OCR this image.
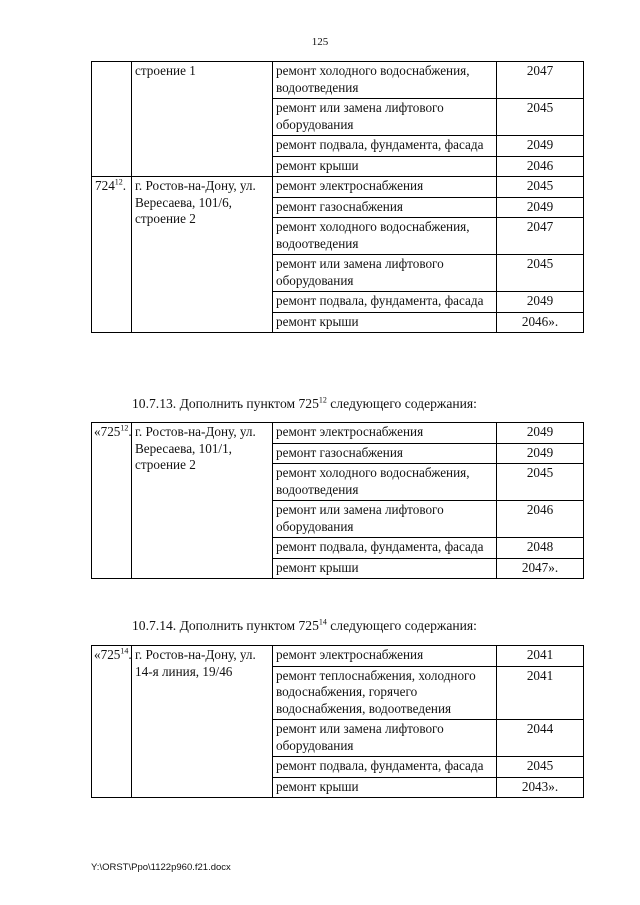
125
	строение 1	ремонт холодного водоснабжения, водоотведения	2047
		ремонт или замена лифтового оборудования	2045
		ремонт подвала, фундамента, фасада	2049
		ремонт крыши	2046
$724^{12}$.	г. Ростов-на-Дону, ул. Вересаева, 101/6, строение 2	ремонт электроснабжения	2045
		ремонт газоснабжения	2049
		ремонт холодного водоснабжения, водоотведения	2047
		ремонт или замена лифтового оборудования	2045
		ремонт подвала, фундамента, фасада	2049
		ремонт крыши	2046».
10.7.13. Дополнить пунктом $725^{12}$ следующего содержания:
«$725^{12}$.	г. Ростов-на-Дону, ул. Вересаева, 101/1, строение 2	ремонт электроснабжения	2049
		ремонт газоснабжения	2049
		ремонт холодного водоснабжения, водоотведения	2045
		ремонт или замена лифтового оборудования	2046
		ремонт подвала, фундамента, фасада	2048
		ремонт крыши	2047».
10.7.14. Дополнить пунктом $725^{14}$ следующего содержания:
«$725^{14}$.	г. Ростов-на-Дону, ул. 14-я линия, 19/46	ремонт электроснабжения	2041
		ремонт теплоснабжения, холодного водоснабжения, горячего водоснабжения, водоотведения	2041
		ремонт или замена лифтового оборудования	2044
		ремонт подвала, фундамента, фасада	2045
		ремонт крыши	2043».
Y:\ORST\Ppo\1122p960.f21.docx
